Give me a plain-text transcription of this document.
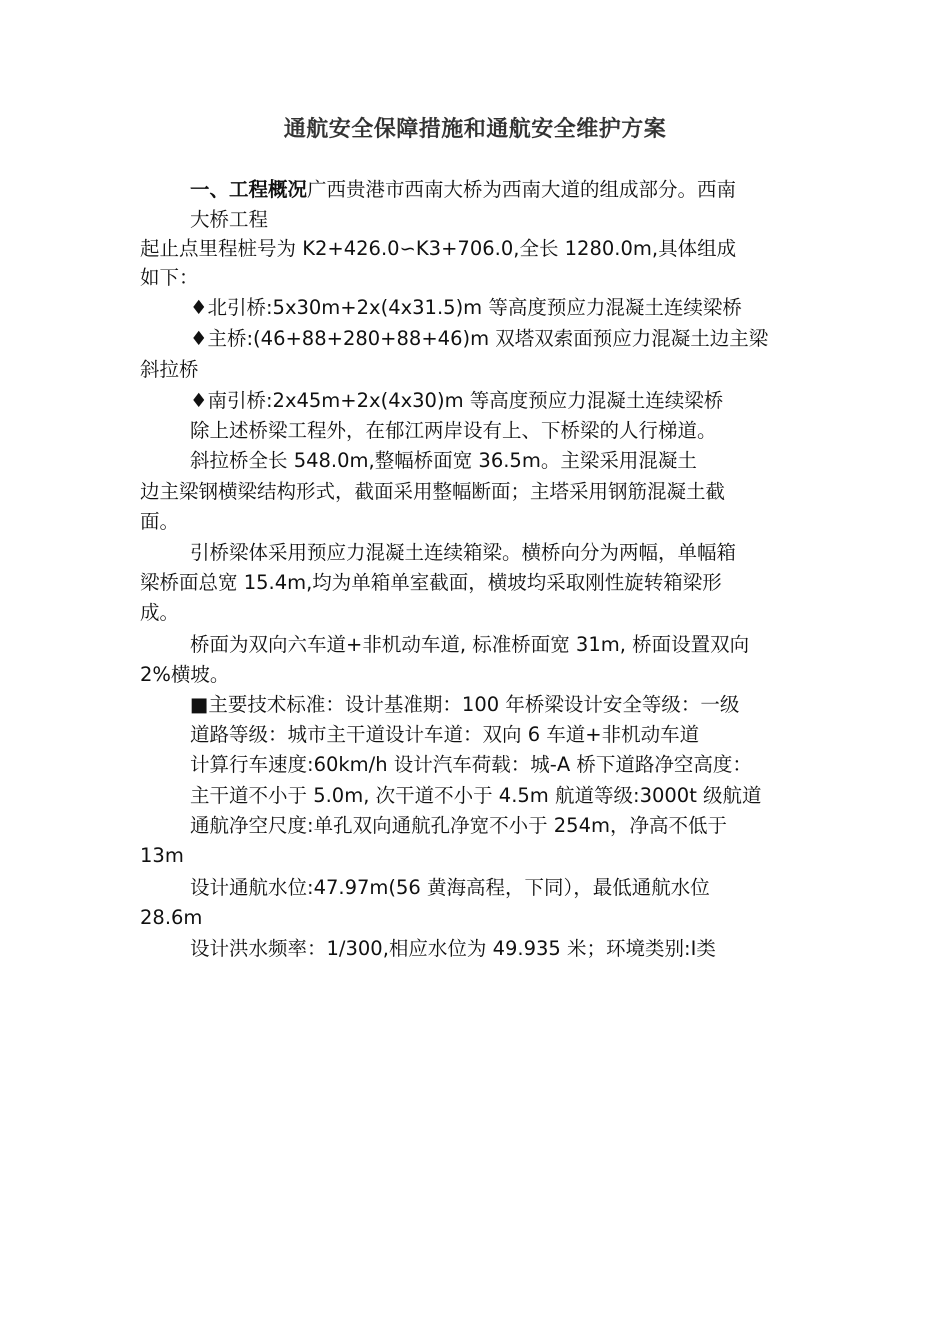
通航安全保障措施和通航安全维护方案
一、工程概况广西贵港市西南大桥为西南大道的组成部分。西南
大桥工程
起止点里程桩号为 K2+426.0∽K3+706.0,全长 1280.0m,具体组成
如下：
♦北引桥:5x30m+2x(4x31.5)m 等高度预应力混凝土连续梁桥
♦主桥:(46+88+280+88+46)m 双塔双索面预应力混凝土边主梁
斜拉桥
♦南引桥:2x45m+2x(4x30)m 等高度预应力混凝土连续梁桥
除上述桥梁工程外，在郁江两岸设有上、下桥梁的人行梯道。
斜拉桥全长 548.0m,整幅桥面宽 36.5m。主梁采用混凝土
边主梁钢横梁结构形式，截面采用整幅断面；主塔采用钢筋混凝土截
面。
引桥梁体采用预应力混凝土连续箱梁。横桥向分为两幅，单幅箱
梁桥面总宽 15.4m,均为单箱单室截面，横坡均采取刚性旋转箱梁形
成。
桥面为双向六车道+非机动车道, 标准桥面宽 31m, 桥面设置双向
2%横坡。
■主要技术标准：设计基准期：100 年桥梁设计安全等级：一级
道路等级：城市主干道设计车道：双向 6 车道+非机动车道
计算行车速度:60km/h 设计汽车荷载：城-A 桥下道路净空高度：
主干道不小于 5.0m, 次干道不小于 4.5m 航道等级:3000t 级航道
通航净空尺度:单孔双向通航孔净宽不小于 254m，净高不低于
13m
设计通航水位:47.97m(56 黄海高程，下同），最低通航水位
28.6m
设计洪水频率：1/300,相应水位为 49.935 米；环境类别:Ⅰ类
